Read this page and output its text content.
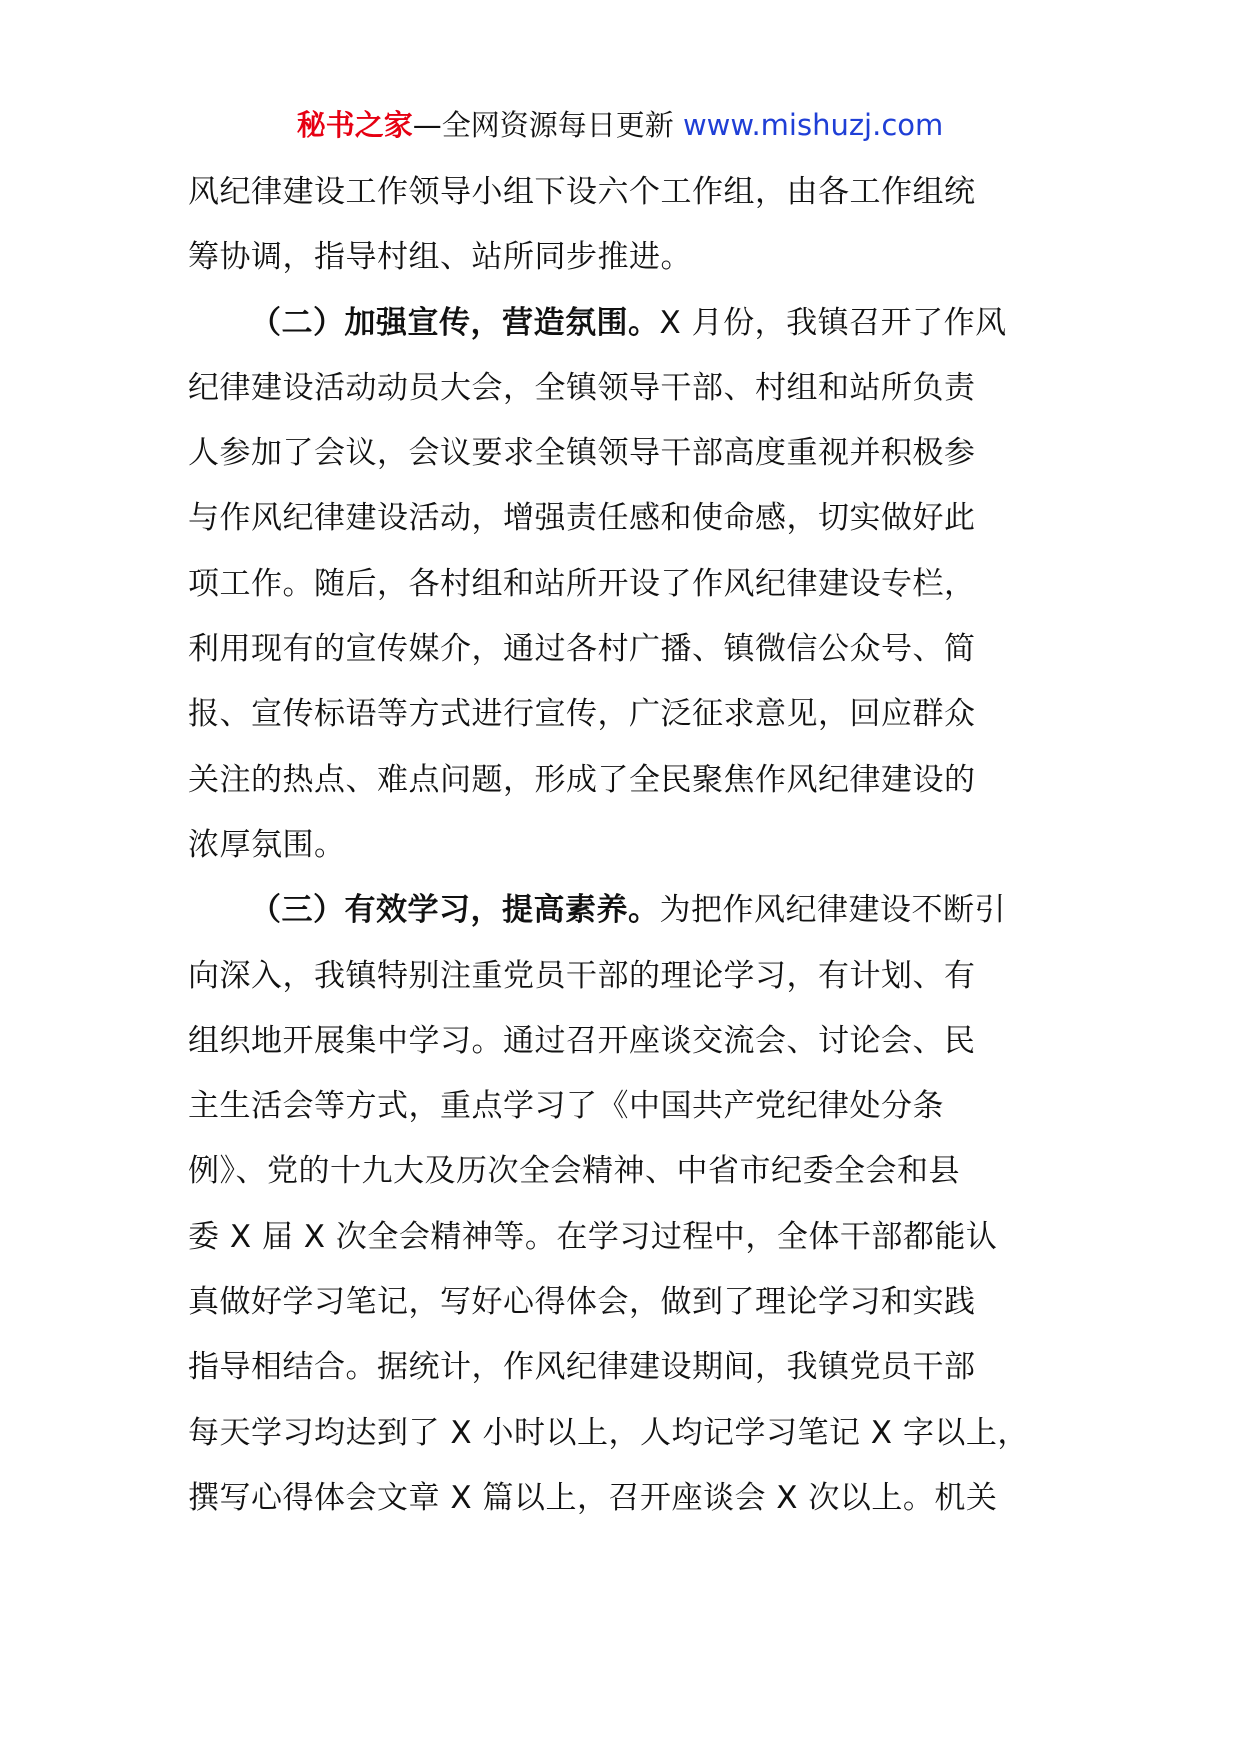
秘书之家—全网资源每日更新 www.mishuzj.com
风纪律建设工作领导小组下设六个工作组，由各工作组统
筹协调，指导村组、站所同步推进。
（二）加强宣传，营造氛围。X 月份，我镇召开了作风
纪律建设活动动员大会，全镇领导干部、村组和站所负责
人参加了会议，会议要求全镇领导干部高度重视并积极参
与作风纪律建设活动，增强责任感和使命感，切实做好此
项工作。随后，各村组和站所开设了作风纪律建设专栏，
利用现有的宣传媒介，通过各村广播、镇微信公众号、简
报、宣传标语等方式进行宣传，广泛征求意见，回应群众
关注的热点、难点问题，形成了全民聚焦作风纪律建设的
浓厚氛围。
（三）有效学习，提高素养。为把作风纪律建设不断引
向深入，我镇特别注重党员干部的理论学习，有计划、有
组织地开展集中学习。通过召开座谈交流会、讨论会、民
主生活会等方式，重点学习了《中国共产党纪律处分条
例》、党的十九大及历次全会精神、中省市纪委全会和县
委 X 届 X 次全会精神等。在学习过程中，全体干部都能认
真做好学习笔记，写好心得体会，做到了理论学习和实践
指导相结合。据统计，作风纪律建设期间，我镇党员干部
每天学习均达到了 X 小时以上，人均记学习笔记 X 字以上，
撰写心得体会文章 X 篇以上，召开座谈会 X 次以上。机关
